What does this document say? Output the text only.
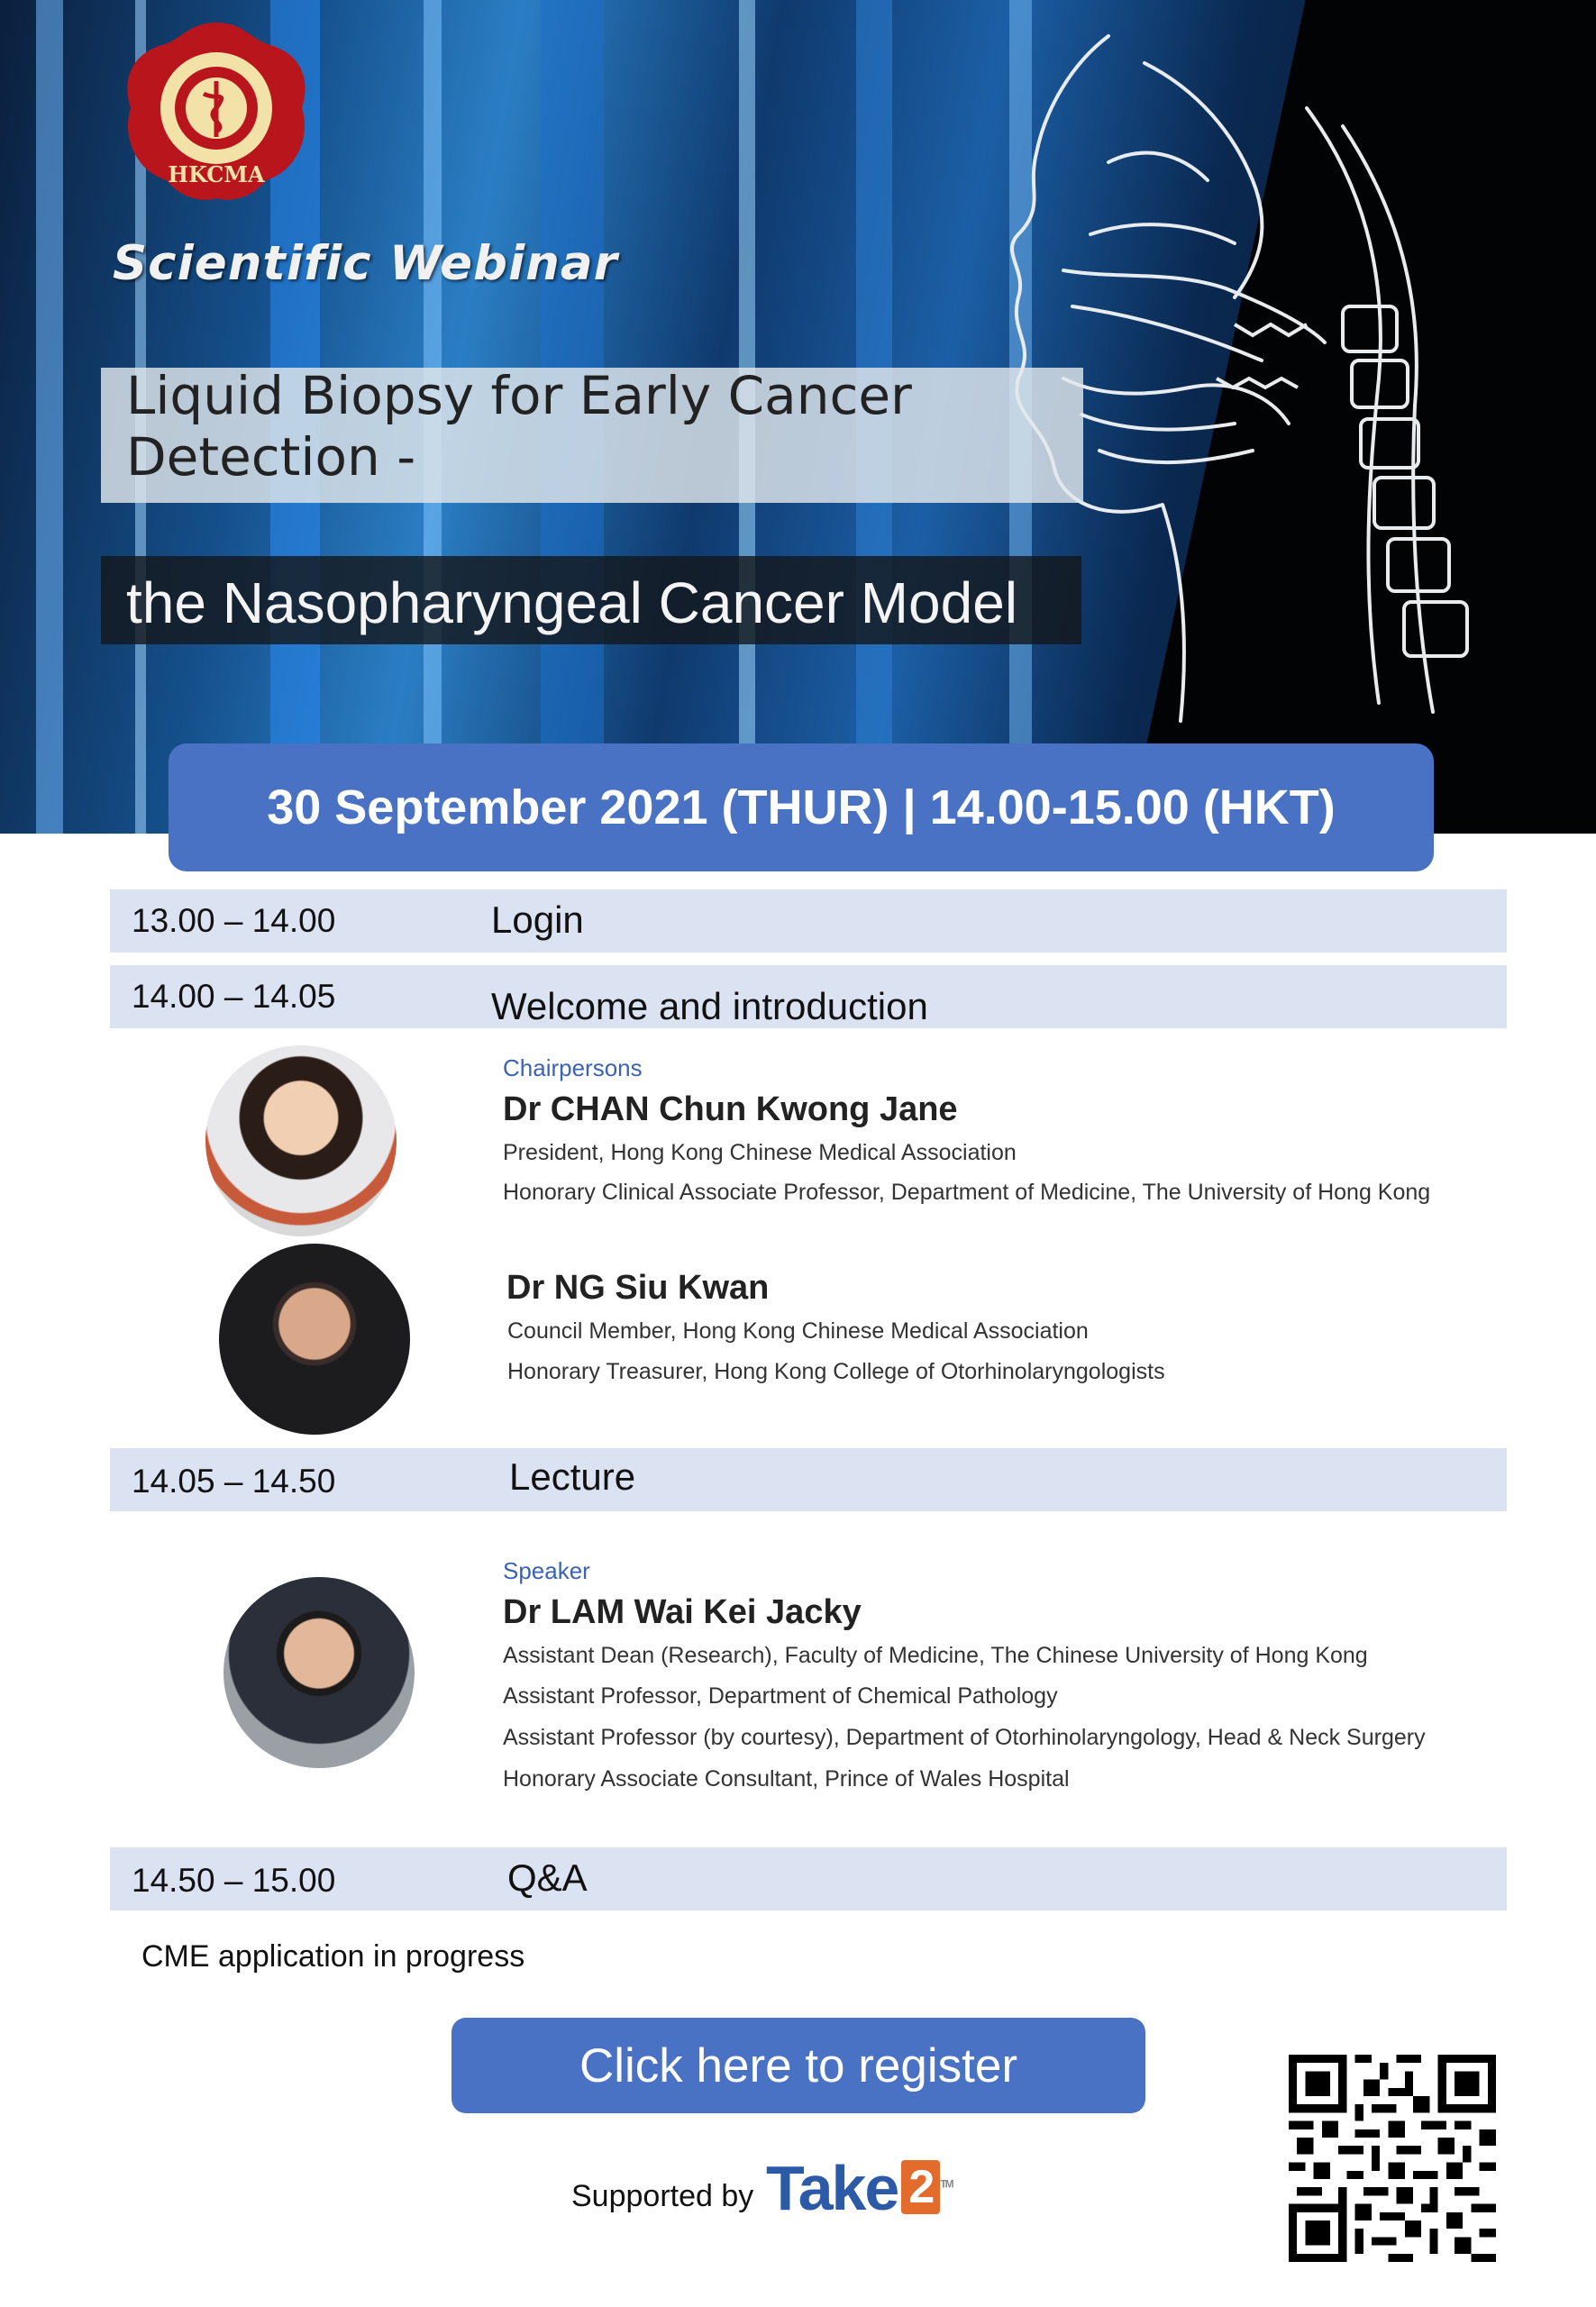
HKCMA
Scientific Webinar
Liquid Biopsy for Early Cancer
Detection -
the Nasopharyngeal Cancer Model
30 September 2021 (THUR) | 14.00-15.00 (HKT)
13.00 – 14.00	Login
14.00 – 14.05	Welcome and introduction
Chairpersons
Dr CHAN Chun Kwong Jane
President, Hong Kong Chinese Medical Association
Honorary Clinical Associate Professor, Department of Medicine, The University of Hong Kong
Dr NG Siu Kwan
Council Member, Hong Kong Chinese Medical Association
Honorary Treasurer, Hong Kong College of Otorhinolaryngologists
14.05 – 14.50	Lecture
Speaker
Dr LAM Wai Kei Jacky
Assistant Dean (Research), Faculty of Medicine, The Chinese University of Hong Kong
Assistant Professor, Department of Chemical Pathology
Assistant Professor (by courtesy), Department of Otorhinolaryngology, Head & Neck Surgery
Honorary Associate Consultant, Prince of Wales Hospital
14.50 – 15.00	Q&A
CME application in progress
Click here to register
Supported by Take 2 ™
